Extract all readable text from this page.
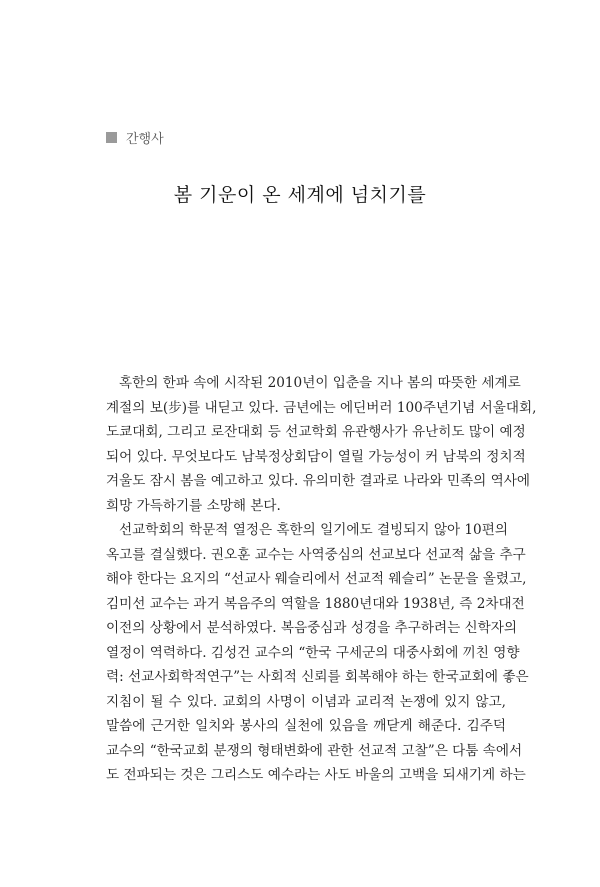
간행사
봄 기운이 온 세계에 넘치기를
혹한의 한파 속에 시작된 2010년이 입춘을 지나 봄의 따뜻한 세계로
계절의 보(步)를 내딛고 있다. 금년에는 에딘버러 100주년기념 서울대회,
도쿄대회, 그리고 로잔대회 등 선교학회 유관행사가 유난히도 많이 예정
되어 있다. 무엇보다도 남북정상회담이 열릴 가능성이 커 남북의 정치적
겨울도 잠시 봄을 예고하고 있다. 유의미한 결과로 나라와 민족의 역사에
희망 가득하기를 소망해 본다.
선교학회의 학문적 열정은 혹한의 일기에도 결빙되지 않아 10편의
옥고를 결실했다. 권오훈 교수는 사역중심의 선교보다 선교적 삶을 추구
해야 한다는 요지의 “선교사 웨슬리에서 선교적 웨슬리” 논문을 올렸고,
김미선 교수는 과거 복음주의 역할을 1880년대와 1938년, 즉 2차대전
이전의 상황에서 분석하였다. 복음중심과 성경을 추구하려는 신학자의
열정이 역력하다. 김성건 교수의 “한국 구세군의 대중사회에 끼친 영향
력: 선교사회학적연구”는 사회적 신뢰를 회복해야 하는 한국교회에 좋은
지침이 될 수 있다. 교회의 사명이 이념과 교리적 논쟁에 있지 않고,
말씀에 근거한 일치와 봉사의 실천에 있음을 깨닫게 해준다. 김주덕
교수의 “한국교회 분쟁의 형태변화에 관한 선교적 고찰”은 다툼 속에서
도 전파되는 것은 그리스도 예수라는 사도 바울의 고백을 되새기게 하는
